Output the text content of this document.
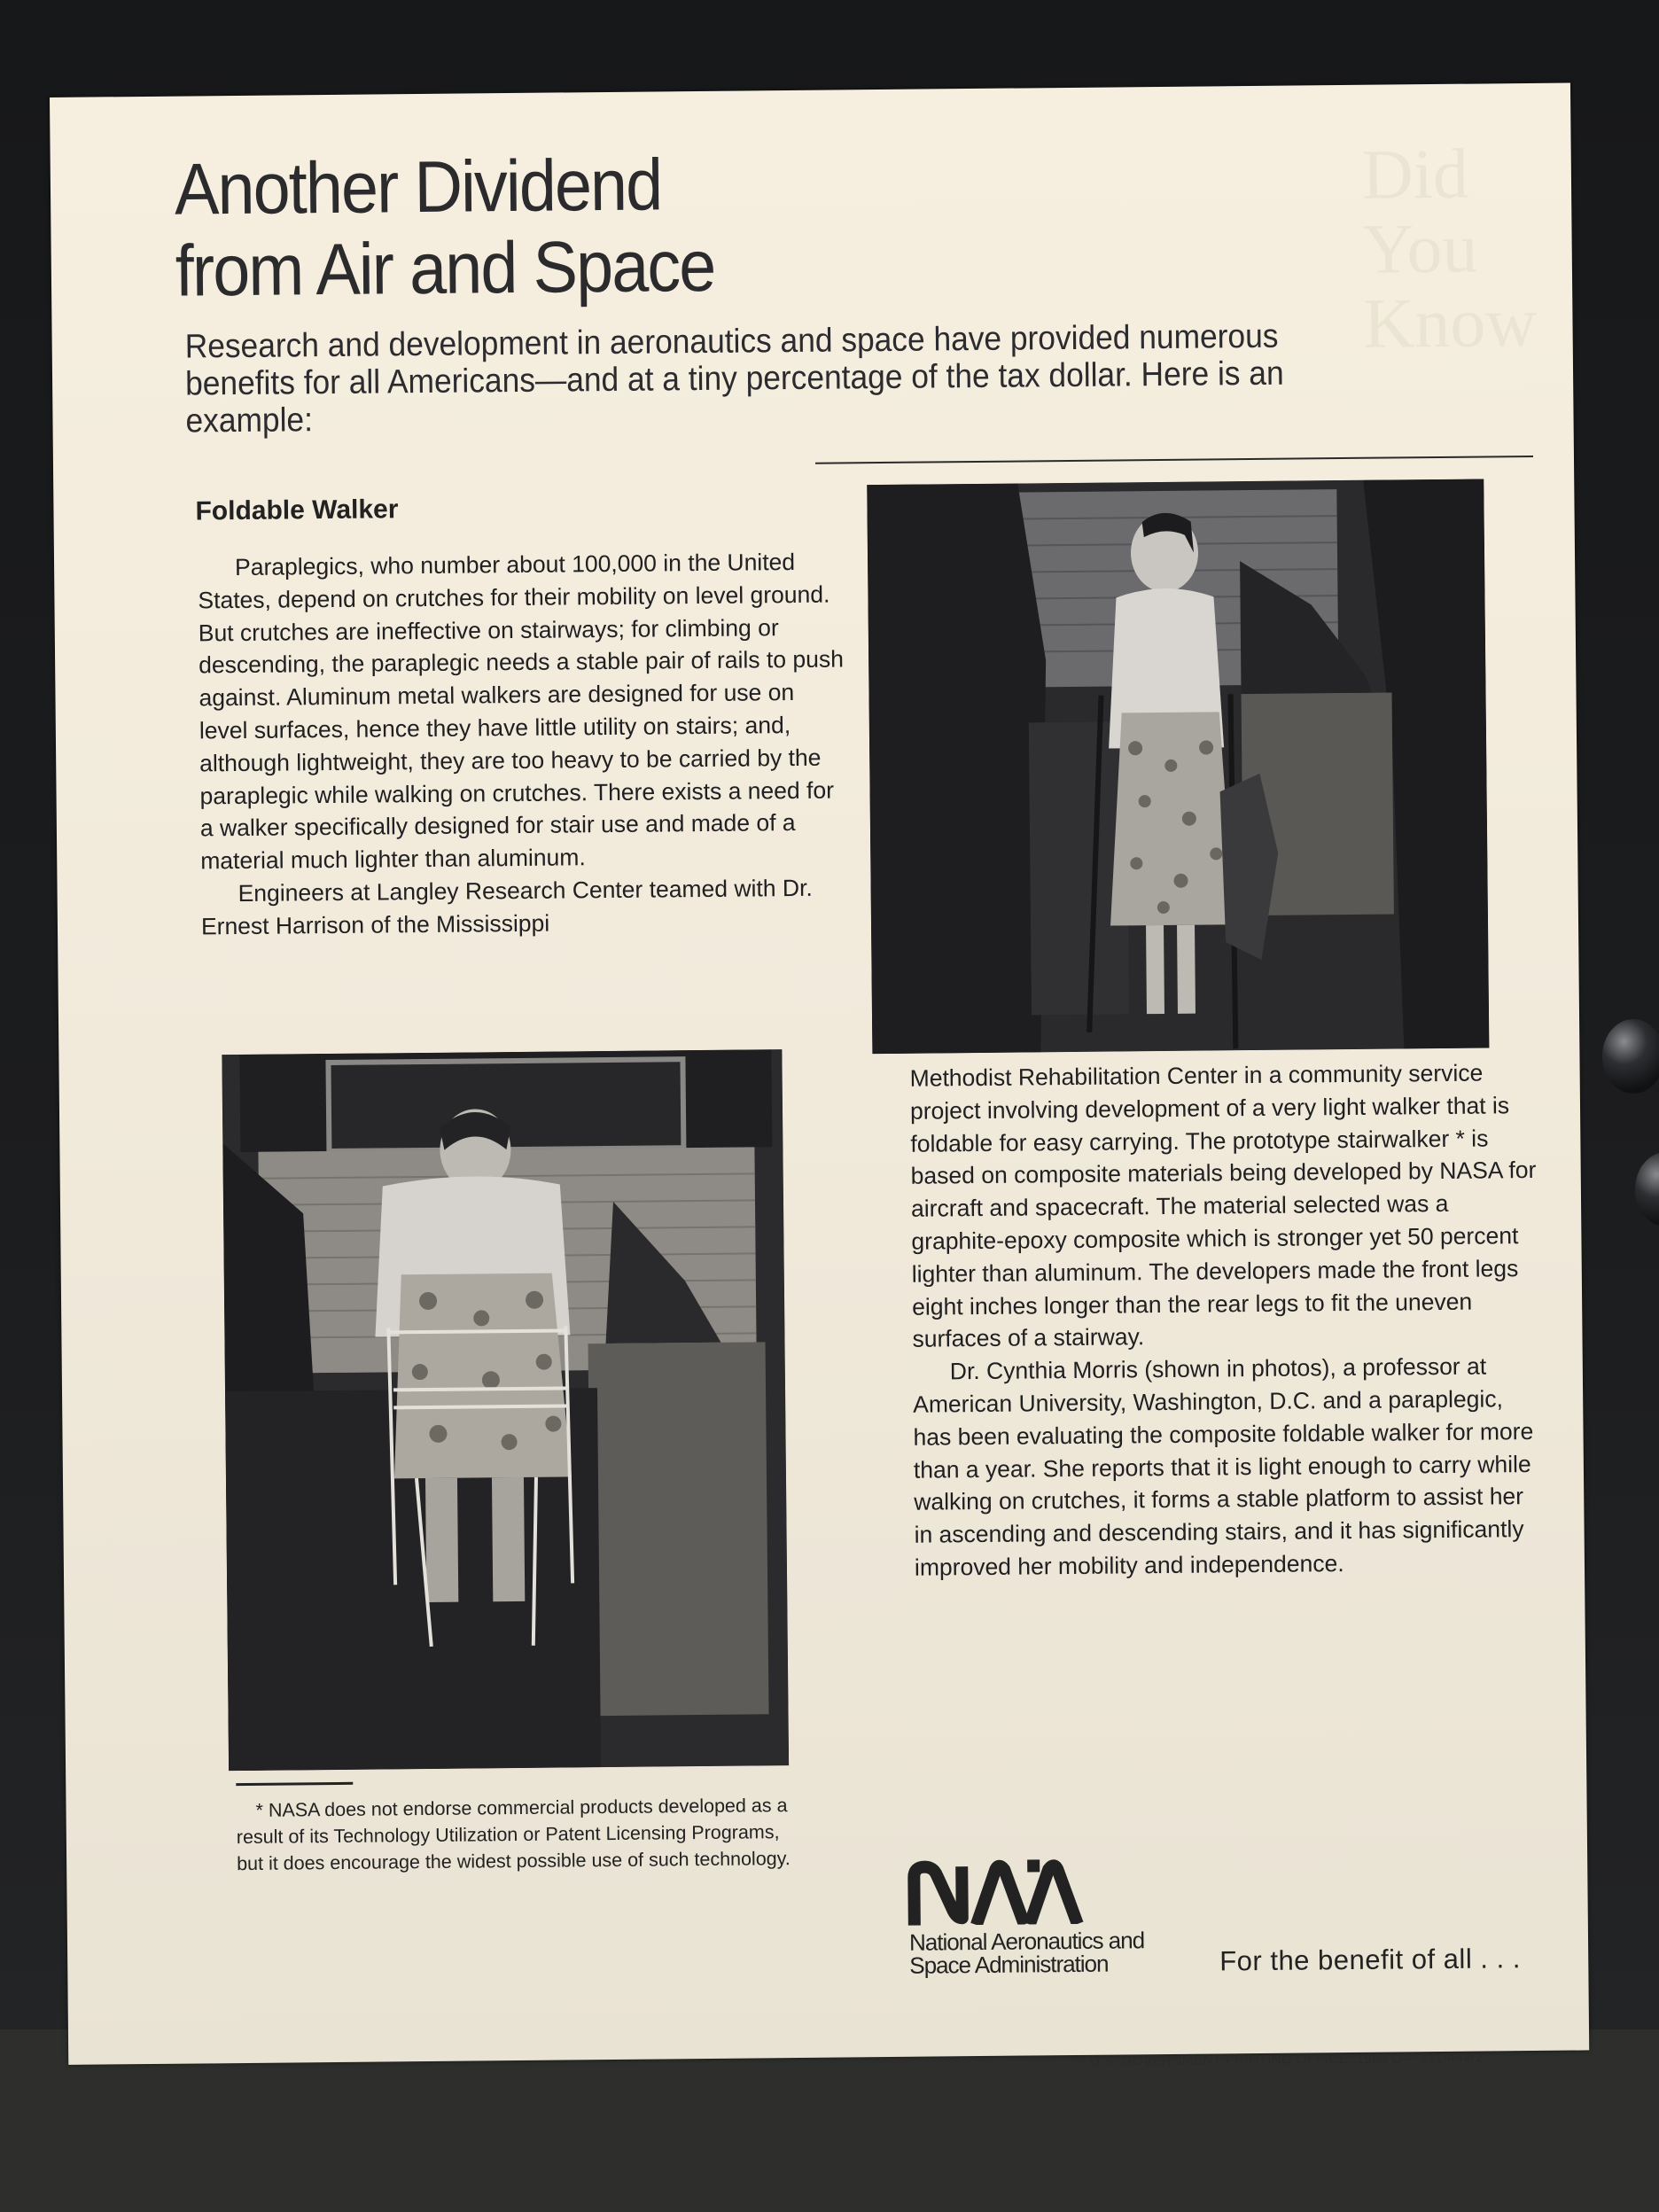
Did
You
Know
Another Dividend
from Air and Space

Research and development in aeronautics and space have provided numerous benefits for all Americans—and at a tiny percentage of the tax dollar. Here is an example:

Foldable Walker

Paraplegics, who number about 100,000 in the United States, depend on crutches for their mobility on level ground. But crutches are ineffective on stairways; for climbing or descending, the paraplegic needs a stable pair of rails to push against. Aluminum metal walkers are designed for use on level surfaces, hence they have little utility on stairs; and, although lightweight, they are too heavy to be carried by the paraplegic while walking on crutches. There exists a need for a walker specifically designed for stair use and made of a material much lighter than aluminum.

Engineers at Langley Research Center teamed with Dr. Ernest Harrison of the Mississippi

Methodist Rehabilitation Center in a community service project involving development of a very light walker that is foldable for easy carrying. The prototype stairwalker * is based on composite materials being developed by NASA for aircraft and spacecraft. The material selected was a graphite-epoxy composite which is stronger yet 50 percent lighter than aluminum. The developers made the front legs eight inches longer than the rear legs to fit the uneven surfaces of a stairway.

Dr. Cynthia Morris (shown in photos), a professor at American University, Washington, D.C. and a paraplegic, has been evaluating the composite foldable walker for more than a year. She reports that it is light enough to carry while walking on crutches, it forms a stable platform to assist her in ascending and descending stairs, and it has significantly improved her mobility and independence.

* NASA does not endorse commercial products developed as a result of its Technology Utilization or Patent Licensing Programs, but it does encourage the widest possible use of such technology.

National Aeronautics and
Space Administration	For the benefit of all . . .
☆ U.S. GOVERNMENT PRINTING OFFICE: 1980 O— 311-444/2
